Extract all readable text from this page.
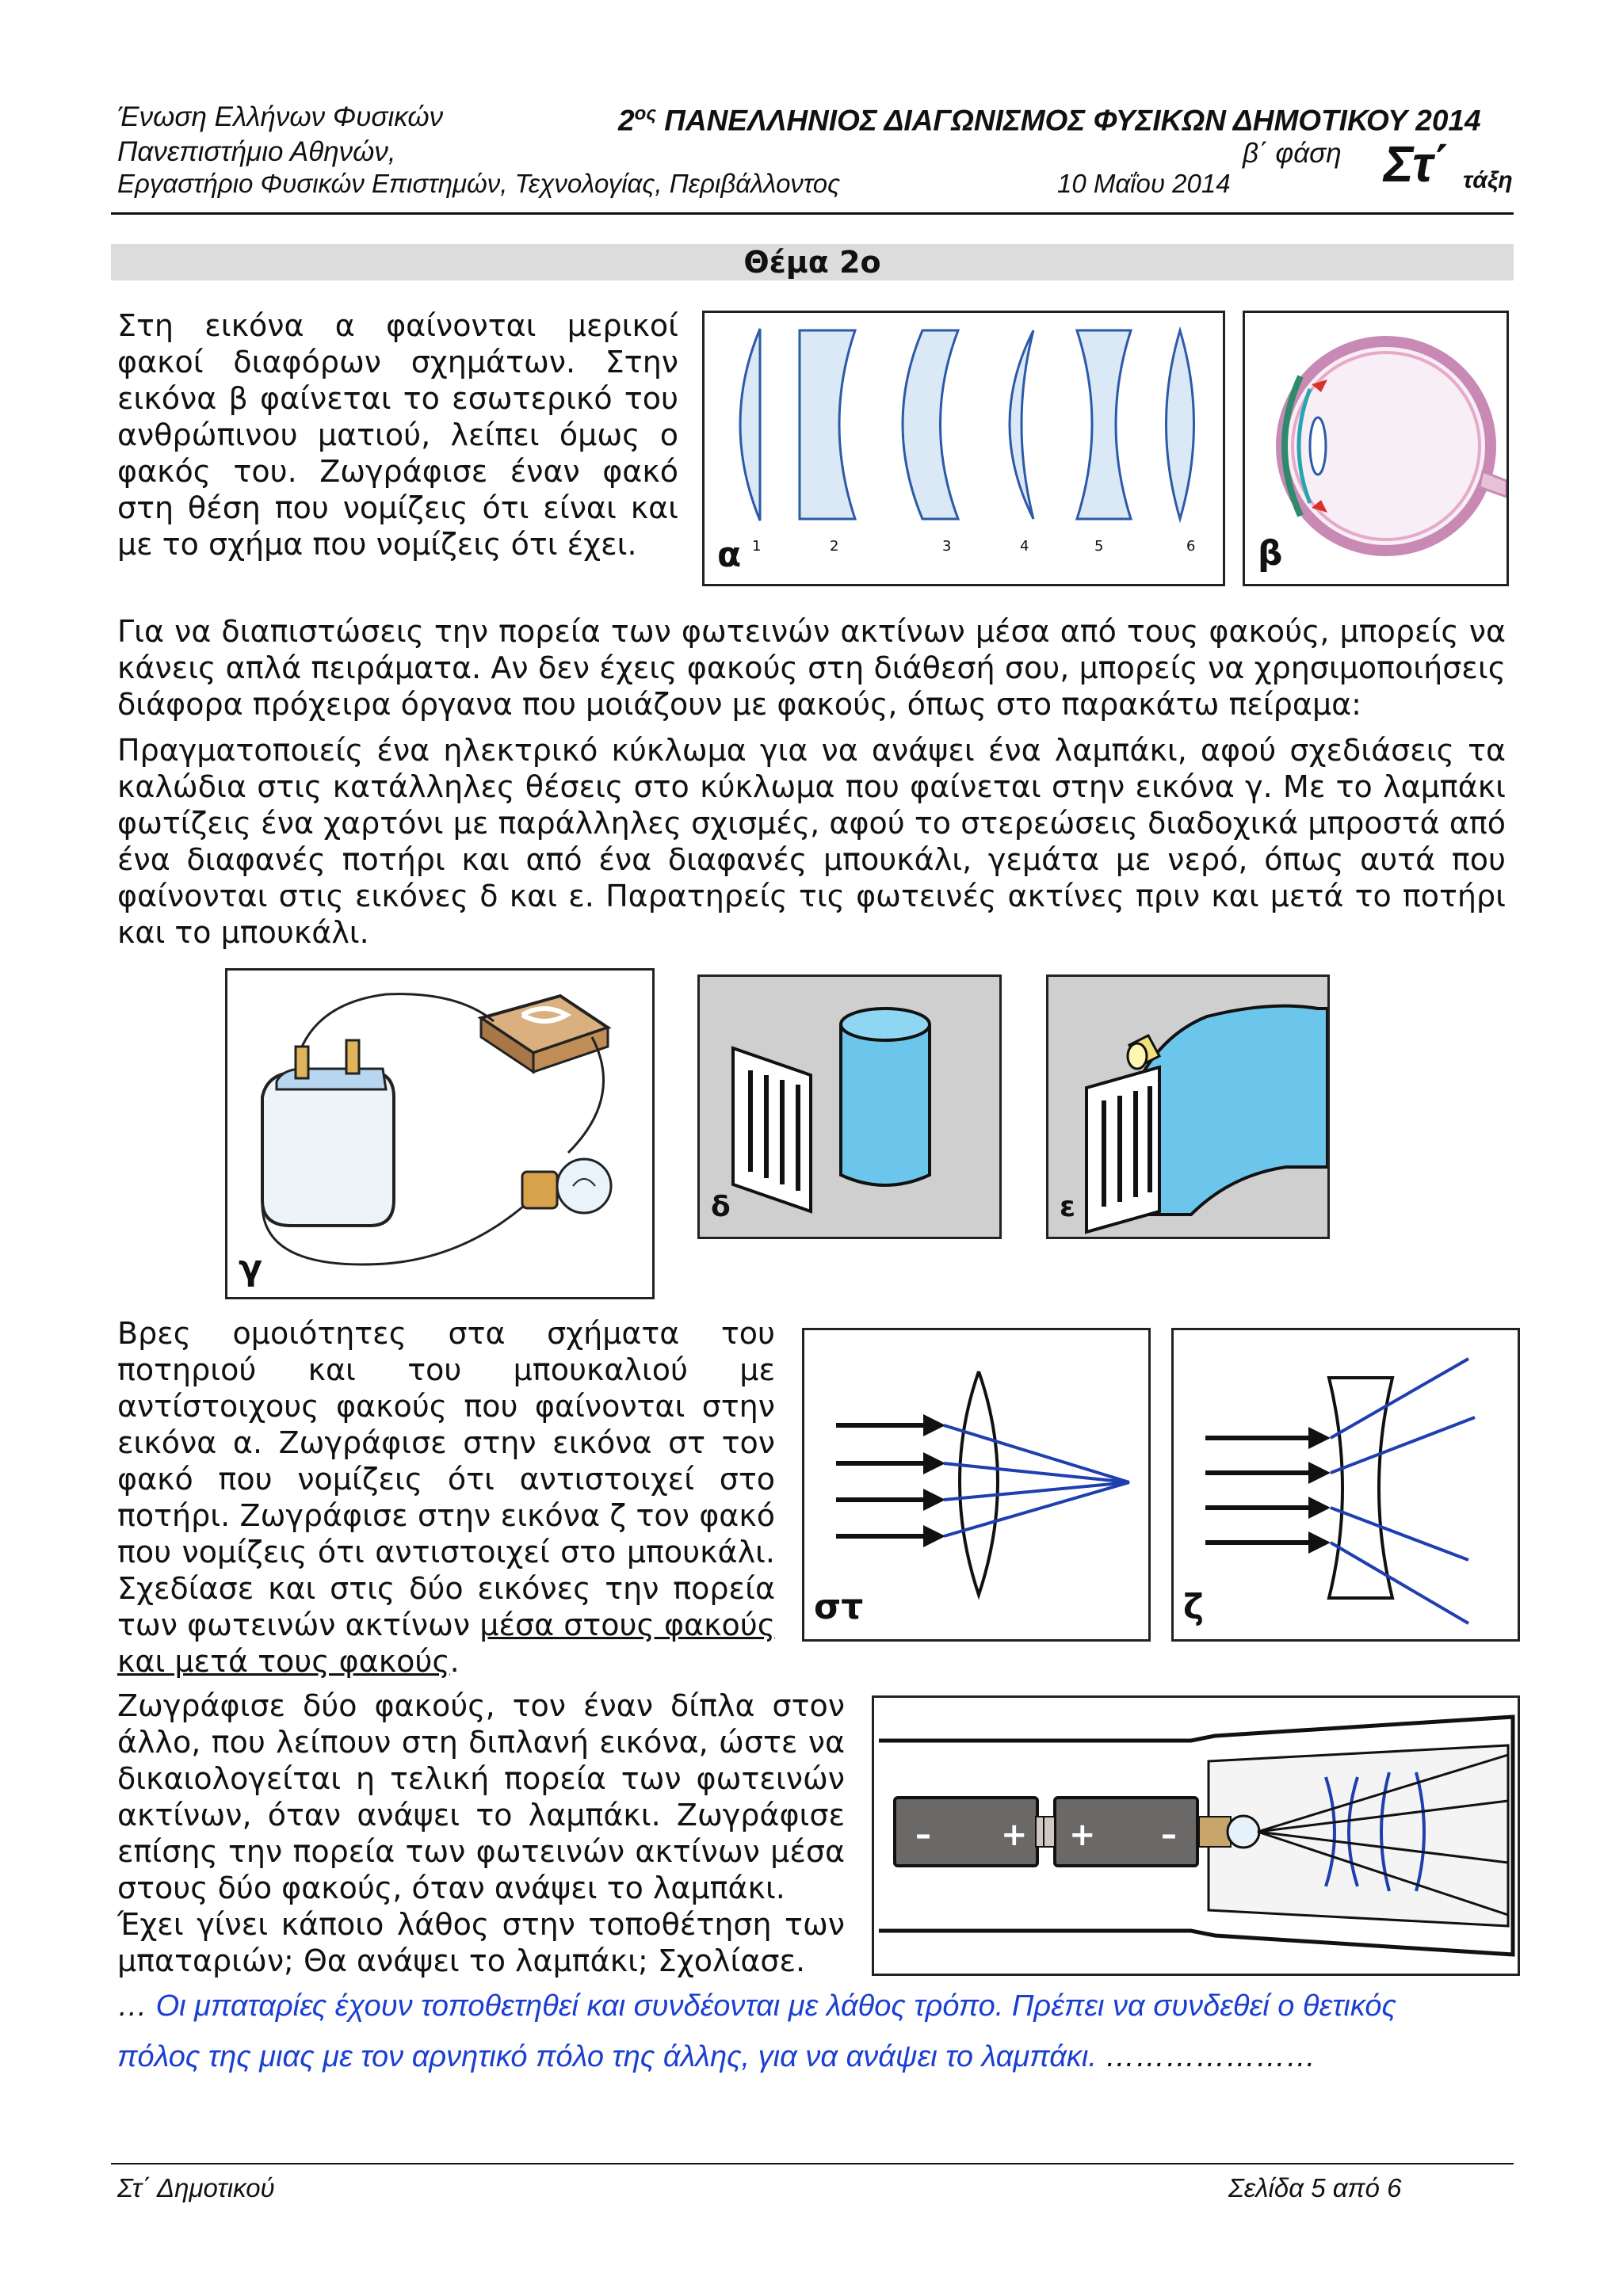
Ένωση Ελλήνων Φυσικών
Πανεπιστήμιο Αθηνών,
Εργαστήριο Φυσικών Επιστημών, Τεχνολογίας, Περιβάλλοντος
$2^{o\varsigma}$ ΠΑΝΕΛΛΗΝΙΟΣ ΔΙΑΓΩΝΙΣΜΟΣ ΦΥΣΙΚΩΝ ΔΗΜΟΤΙΚΟΥ 2014
β΄ φάση
10 Μαΐου 2014	Στ΄ τάξη
Θέμα 2ο

Στη εικόνα α φαίνονται μερικοί φακοί διαφόρων σχημάτων. Στην εικόνα β φαίνεται το εσωτερικό του ανθρώπινου ματιού, λείπει όμως ο φακός του. Ζωγράφισε έναν φακό στη θέση που νομίζεις ότι είναι και με το σχήμα που νομίζεις ότι έχει.	α 1	2	3	4	5	6 β

Για να διαπιστώσεις την πορεία των φωτεινών ακτίνων μέσα από τους φακούς, μπορείς να κάνεις απλά πειράματα. Αν δεν έχεις φακούς στη διάθεσή σου, μπορείς να χρησιμοποιήσεις διάφορα πρόχειρα όργανα που μοιάζουν με φακούς, όπως στο παρακάτω πείραμα:

Πραγματοποιείς ένα ηλεκτρικό κύκλωμα για να ανάψει ένα λαμπάκι, αφού σχεδιάσεις τα καλώδια στις κατάλληλες θέσεις στο κύκλωμα που φαίνεται στην εικόνα γ. Με το λαμπάκι φωτίζεις ένα χαρτόνι με παράλληλες σχισμές, αφού το στερεώσεις διαδοχικά μπροστά από ένα διαφανές ποτήρι και από ένα διαφανές μπουκάλι, γεμάτα με νερό, όπως αυτά που φαίνονται στις εικόνες δ και ε. Παρατηρείς τις φωτεινές ακτίνες πριν και μετά το ποτήρι και το μπουκάλι.

γ
δ	ε

Βρες ομοιότητες στα σχήματα του ποτηριού και του μπουκαλιού με αντίστοιχους φακούς που φαίνονται στην εικόνα α. Ζωγράφισε στην εικόνα στ τον φακό που νομίζεις ότι αντιστοιχεί στο ποτήρι. Ζωγράφισε στην εικόνα ζ τον φακό που νομίζεις ότι αντιστοιχεί στο μπουκάλι. Σχεδίασε και στις δύο εικόνες την πορεία των φωτεινών ακτίνων μέσα στους φακούς και μετά τους φακούς.

στ	ζ

Ζωγράφισε δύο φακούς, τον έναν δίπλα στον άλλο, που λείπουν στη διπλανή εικόνα, ώστε να δικαιολογείται η τελική πορεία των φωτεινών ακτίνων, όταν ανάψει το λαμπάκι. Ζωγράφισε επίσης την πορεία των φωτεινών ακτίνων μέσα στους δύο φακούς, όταν ανάψει το λαμπάκι.

Έχει γίνει κάποιο λάθος στην τοποθέτηση των μπαταριών; Θα ανάψει το λαμπάκι; Σχολίασε.

– + + –
… Οι μπαταρίες έχουν τοποθετηθεί και συνδέονται με λάθος τρόπο. Πρέπει να συνδεθεί ο θετικός
πόλος της μιας με τον αρνητικό πόλο της άλλης, για να ανάψει το λαμπάκι. …………………
Στ΄ Δημοτικού	Σελίδα 5 από 6
